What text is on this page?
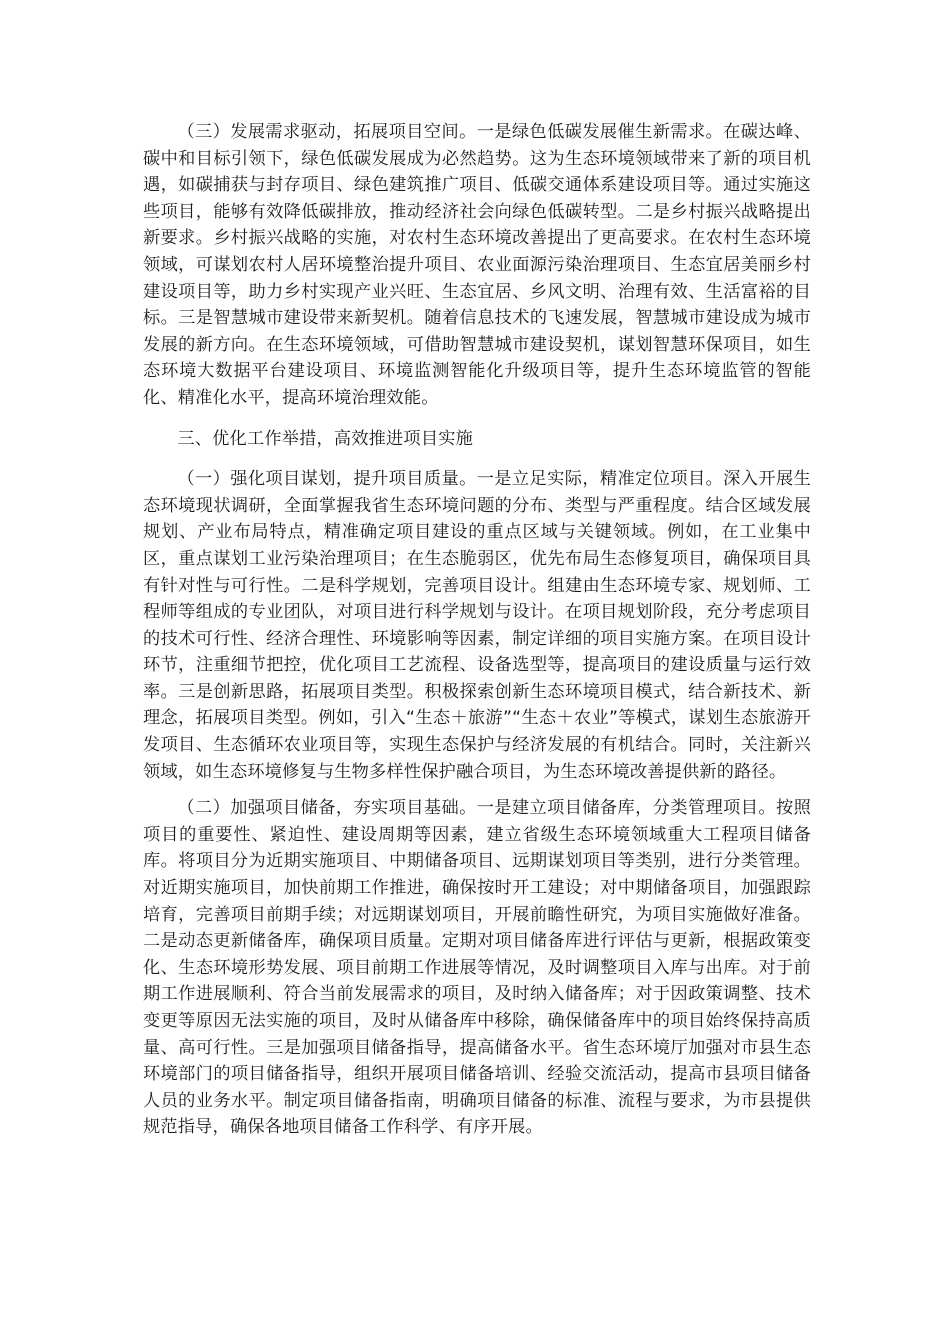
（三）发展需求驱动，拓展项目空间。一是绿色低碳发展催生新需求。在碳达峰、碳中和目标引领下，绿色低碳发展成为必然趋势。这为生态环境领域带来了新的项目机遇，如碳捕获与封存项目、绿色建筑推广项目、低碳交通体系建设项目等。通过实施这些项目，能够有效降低碳排放，推动经济社会向绿色低碳转型。二是乡村振兴战略提出新要求。乡村振兴战略的实施，对农村生态环境改善提出了更高要求。在农村生态环境领域，可谋划农村人居环境整治提升项目、农业面源污染治理项目、生态宜居美丽乡村建设项目等，助力乡村实现产业兴旺、生态宜居、乡风文明、治理有效、生活富裕的目标。三是智慧城市建设带来新契机。随着信息技术的飞速发展，智慧城市建设成为城市发展的新方向。在生态环境领域，可借助智慧城市建设契机，谋划智慧环保项目，如生态环境大数据平台建设项目、环境监测智能化升级项目等，提升生态环境监管的智能化、精准化水平，提高环境治理效能。

三、优化工作举措，高效推进项目实施

（一）强化项目谋划，提升项目质量。一是立足实际，精准定位项目。深入开展生态环境现状调研，全面掌握我省生态环境问题的分布、类型与严重程度。结合区域发展规划、产业布局特点，精准确定项目建设的重点区域与关键领域。例如，在工业集中区，重点谋划工业污染治理项目；在生态脆弱区，优先布局生态修复项目，确保项目具有针对性与可行性。二是科学规划，完善项目设计。组建由生态环境专家、规划师、工程师等组成的专业团队，对项目进行科学规划与设计。在项目规划阶段，充分考虑项目的技术可行性、经济合理性、环境影响等因素，制定详细的项目实施方案。在项目设计环节，注重细节把控，优化项目工艺流程、设备选型等，提高项目的建设质量与运行效率。三是创新思路，拓展项目类型。积极探索创新生态环境项目模式，结合新技术、新理念，拓展项目类型。例如，引入“生态＋旅游”“生态＋农业”等模式，谋划生态旅游开发项目、生态循环农业项目等，实现生态保护与经济发展的有机结合。同时，关注新兴领域，如生态环境修复与生物多样性保护融合项目，为生态环境改善提供新的路径。

（二）加强项目储备，夯实项目基础。一是建立项目储备库，分类管理项目。按照项目的重要性、紧迫性、建设周期等因素，建立省级生态环境领域重大工程项目储备库。将项目分为近期实施项目、中期储备项目、远期谋划项目等类别，进行分类管理。对近期实施项目，加快前期工作推进，确保按时开工建设；对中期储备项目，加强跟踪培育，完善项目前期手续；对远期谋划项目，开展前瞻性研究，为项目实施做好准备。二是动态更新储备库，确保项目质量。定期对项目储备库进行评估与更新，根据政策变化、生态环境形势发展、项目前期工作进展等情况，及时调整项目入库与出库。对于前期工作进展顺利、符合当前发展需求的项目，及时纳入储备库；对于因政策调整、技术变更等原因无法实施的项目，及时从储备库中移除，确保储备库中的项目始终保持高质量、高可行性。三是加强项目储备指导，提高储备水平。省生态环境厅加强对市县生态环境部门的项目储备指导，组织开展项目储备培训、经验交流活动，提高市县项目储备人员的业务水平。制定项目储备指南，明确项目储备的标准、流程与要求，为市县提供规范指导，确保各地项目储备工作科学、有序开展。
